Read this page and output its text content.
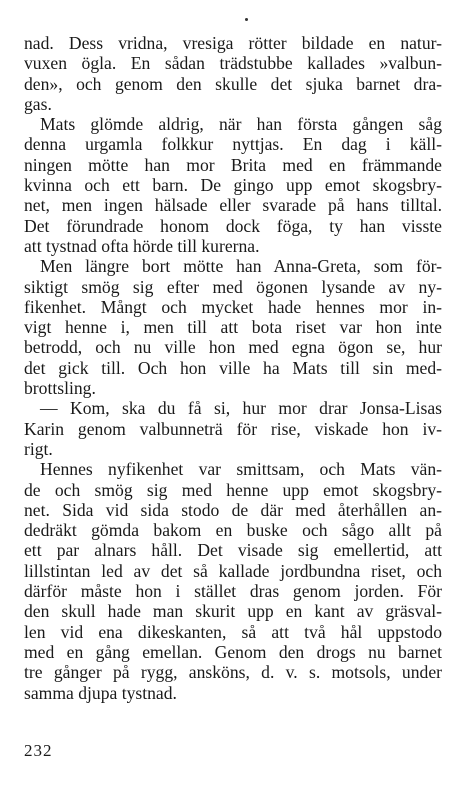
nad. Dess vridna, vresiga rötter bildade en natur-
vuxen ögla. En sådan trädstubbe kallades »valbun-
den», och genom den skulle det sjuka barnet dra-
gas.
Mats glömde aldrig, när han första gången såg
denna urgamla folkkur nyttjas. En dag i käll-
ningen mötte han mor Brita med en främmande
kvinna och ett barn. De gingo upp emot skogsbry-
net, men ingen hälsade eller svarade på hans tilltal.
Det förundrade honom dock föga, ty han visste
att tystnad ofta hörde till kurerna.
Men längre bort mötte han Anna-Greta, som för-
siktigt smög sig efter med ögonen lysande av ny-
fikenhet. Mångt och mycket hade hennes mor in-
vigt henne i, men till att bota riset var hon inte
betrodd, och nu ville hon med egna ögon se, hur
det gick till. Och hon ville ha Mats till sin med-
brottsling.
— Kom, ska du få si, hur mor drar Jonsa-Lisas
Karin genom valbunneträ för rise, viskade hon iv-
rigt.
Hennes nyfikenhet var smittsam, och Mats vän-
de och smög sig med henne upp emot skogsbry-
net. Sida vid sida stodo de där med återhållen an-
dedräkt gömda bakom en buske och sågo allt på
ett par alnars håll. Det visade sig emellertid, att
lillstintan led av det så kallade jordbundna riset, och
därför måste hon i stället dras genom jorden. För
den skull hade man skurit upp en kant av gräsval-
len vid ena dikeskanten, så att två hål uppstodo
med en gång emellan. Genom den drogs nu barnet
tre gånger på rygg, ansköns, d. v. s. motsols, under
samma djupa tystnad.
232
